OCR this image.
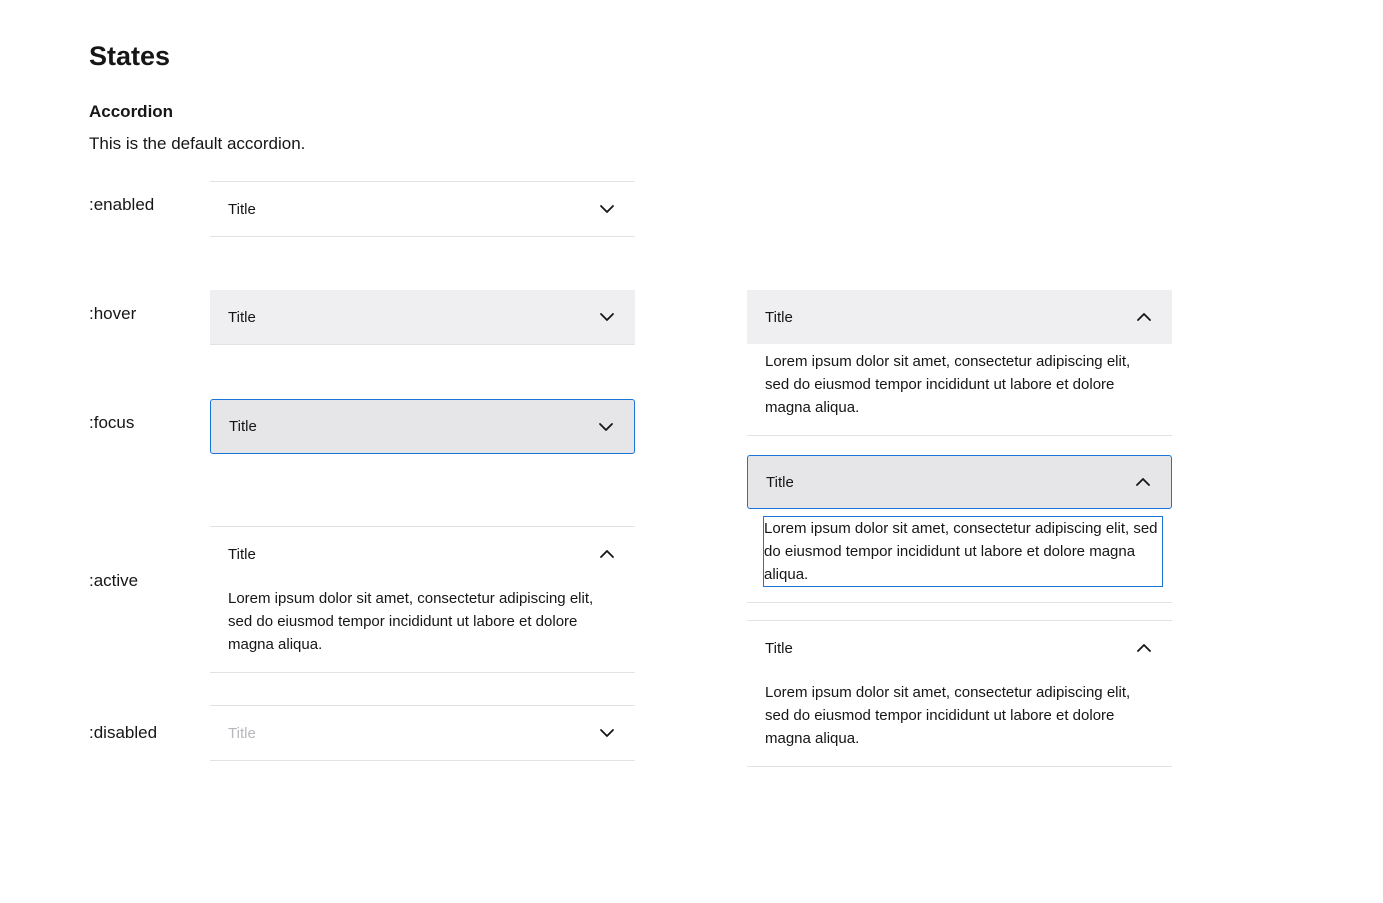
States
Accordion

This is the default accordion.

:enabled
:hover
:focus
:active
:disabled
Title
Title
Title
Title
Lorem ipsum dolor sit amet, consectetur adipiscing elit, sed do eiusmod tempor incididunt ut labore et dolore magna aliqua.
Title
Title
Lorem ipsum dolor sit amet, consectetur adipiscing elit, sed do eiusmod tempor incididunt ut labore et dolore magna aliqua.
Title
Lorem ipsum dolor sit amet, consectetur adipiscing elit, sed do eiusmod tempor incididunt ut labore et dolore magna aliqua.
Title
Lorem ipsum dolor sit amet, consectetur adipiscing elit, sed do eiusmod tempor incididunt ut labore et dolore magna aliqua.
